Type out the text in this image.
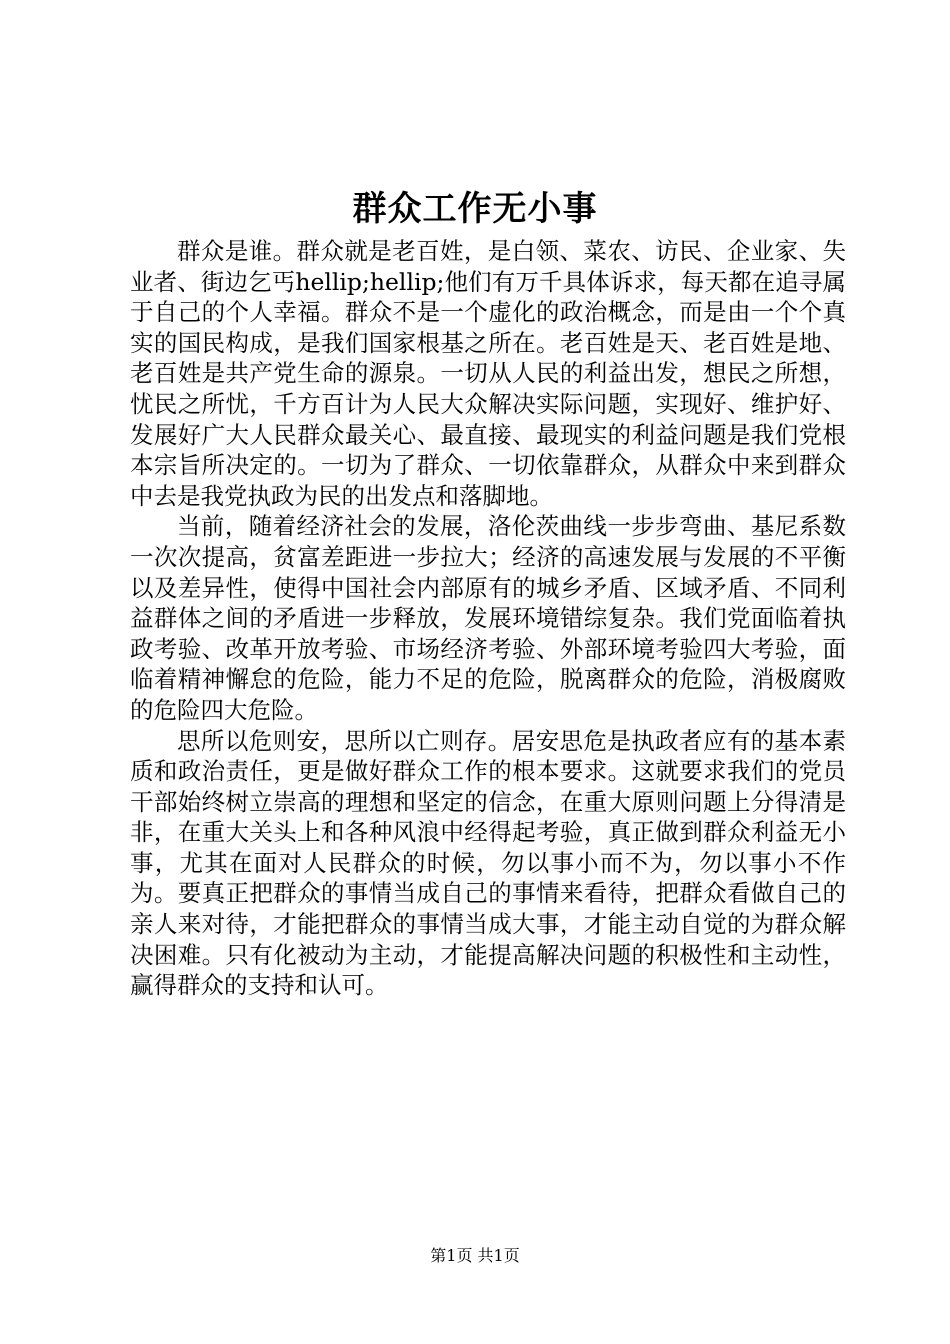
群众工作无小事

群众是谁。群众就是老百姓，是白领、菜农、访民、企业家、失业者、街边乞丐hellip;hellip;他们有万千具体诉求，每天都在追寻属于自己的个人幸福。群众不是一个虚化的政治概念，而是由一个个真实的国民构成，是我们国家根基之所在。老百姓是天、老百姓是地、老百姓是共产党生命的源泉。一切从人民的利益出发，想民之所想，忧民之所忧，千方百计为人民大众解决实际问题，实现好、维护好、发展好广大人民群众最关心、最直接、最现实的利益问题是我们党根本宗旨所决定的。一切为了群众、一切依靠群众，从群众中来到群众中去是我党执政为民的出发点和落脚地。

当前，随着经济社会的发展，洛伦茨曲线一步步弯曲、基尼系数一次次提高，贫富差距进一步拉大；经济的高速发展与发展的不平衡以及差异性，使得中国社会内部原有的城乡矛盾、区域矛盾、不同利益群体之间的矛盾进一步释放，发展环境错综复杂。我们党面临着执政考验、改革开放考验、市场经济考验、外部环境考验四大考验，面临着精神懈怠的危险，能力不足的危险，脱离群众的危险，消极腐败的危险四大危险。

思所以危则安，思所以亡则存。居安思危是执政者应有的基本素质和政治责任，更是做好群众工作的根本要求。这就要求我们的党员干部始终树立崇高的理想和坚定的信念，在重大原则问题上分得清是非，在重大关头上和各种风浪中经得起考验，真正做到群众利益无小事，尤其在面对人民群众的时候，勿以事小而不为，勿以事小不作为。要真正把群众的事情当成自己的事情来看待，把群众看做自己的亲人来对待，才能把群众的事情当成大事，才能主动自觉的为群众解决困难。只有化被动为主动，才能提高解决问题的积极性和主动性，赢得群众的支持和认可。

第1页 共1页
